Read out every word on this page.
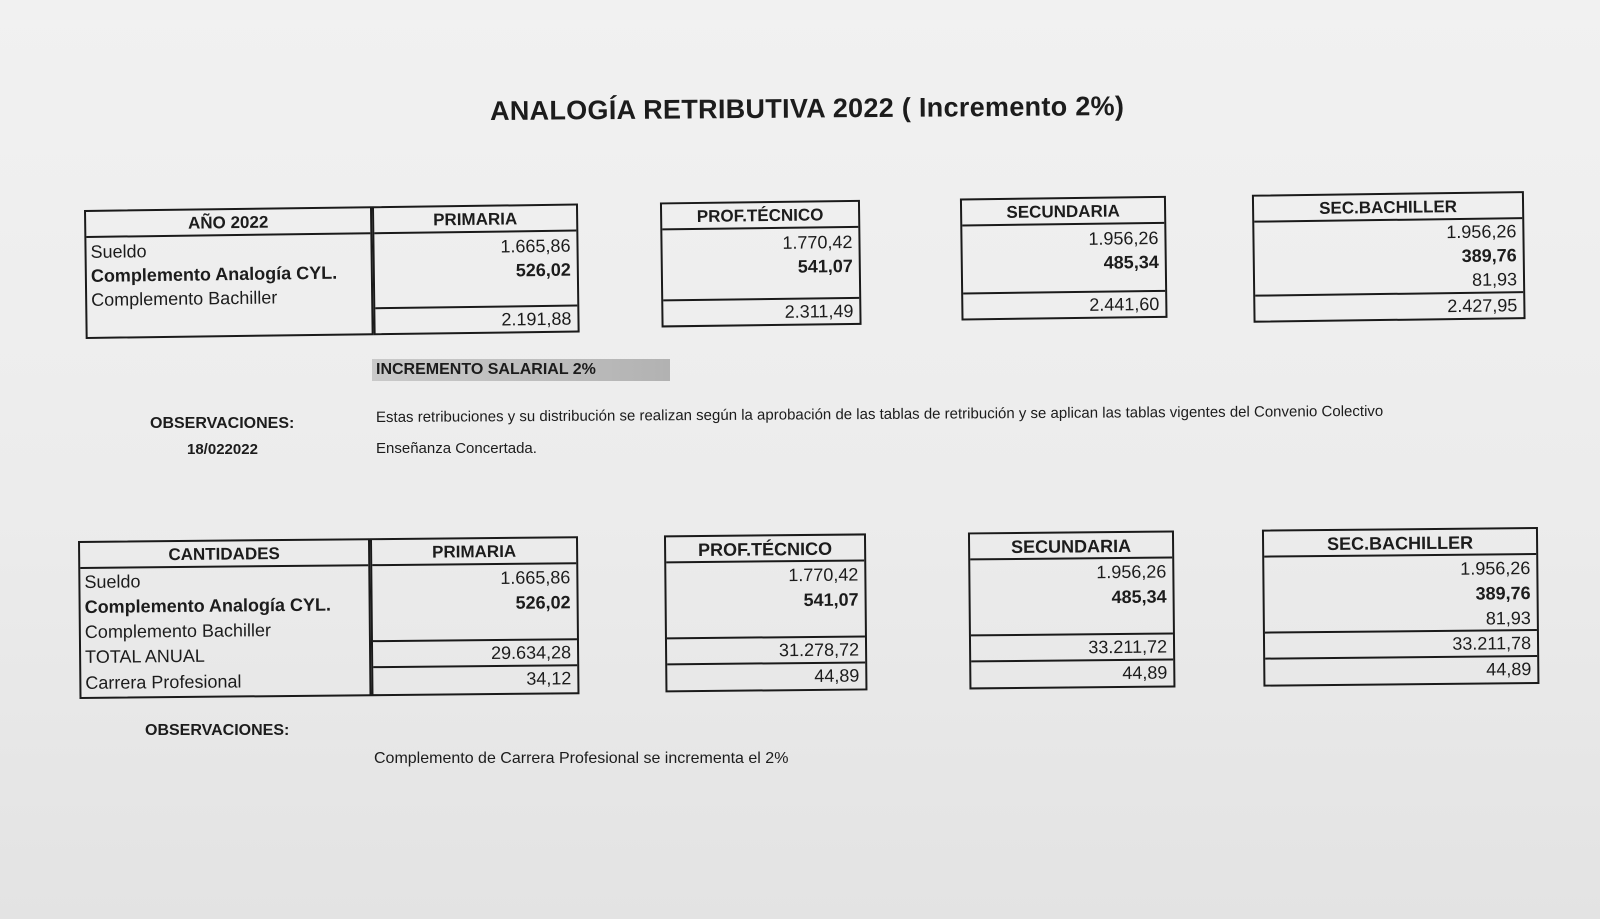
ANALOGÍA RETRIBUTIVA 2022 ( Incremento 2%)
AÑO 2022
Sueldo
Complemento Analogía CYL.
Complemento Bachiller
PRIMARIA
1.665,86
526,02
2.191,88
PROF.TÉCNICO
1.770,42
541,07
2.311,49
SECUNDARIA
1.956,26
485,34
2.441,60
SEC.BACHILLER
1.956,26
389,76
81,93
2.427,95
INCREMENTO SALARIAL 2%
OBSERVACIONES:
18/022022
Estas retribuciones y su distribución se realizan según la aprobación de las tablas de retribución y se aplican las tablas vigentes del Convenio Colectivo
Enseñanza Concertada.
CANTIDADES
Sueldo
Complemento Analogía CYL.
Complemento Bachiller
TOTAL ANUAL
Carrera Profesional
PRIMARIA
1.665,86
526,02
29.634,28
34,12
PROF.TÉCNICO
1.770,42
541,07
31.278,72
44,89
SECUNDARIA
1.956,26
485,34
33.211,72
44,89
SEC.BACHILLER
1.956,26
389,76
81,93
33.211,78
44,89
OBSERVACIONES:
Complemento de Carrera Profesional se incrementa el 2%
